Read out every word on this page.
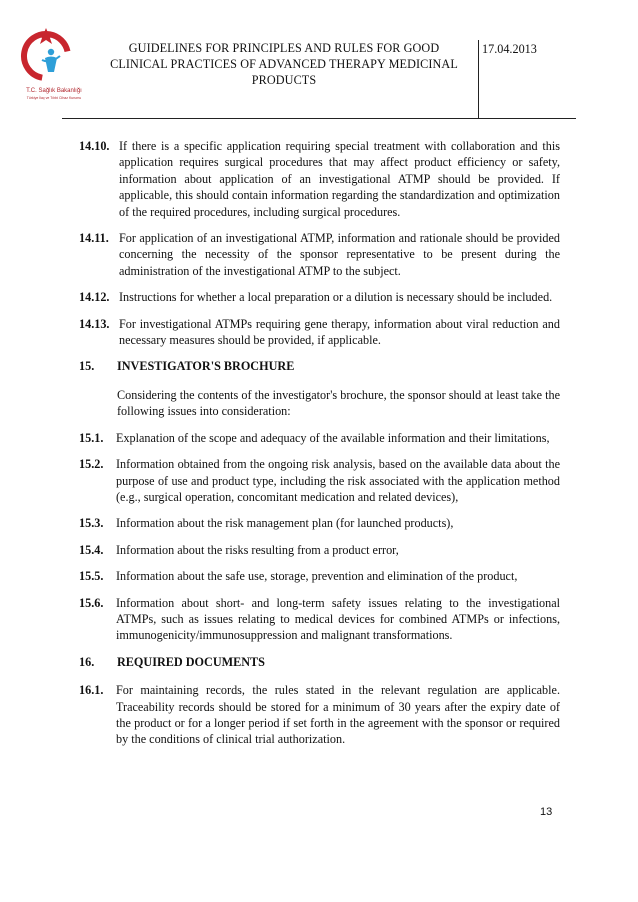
T.C. Sağlık Bakanlığı
Türkiye İlaç ve Tıbbi Cihaz Kurumu
GUIDELINES FOR PRINCIPLES AND RULES FOR GOOD
CLINICAL PRACTICES OF ADVANCED THERAPY MEDICINAL
PRODUCTS
17.04.2013
14.10. If there is a specific application requiring special treatment with collaboration and this application requires surgical procedures that may affect product efficiency or safety, information about application of an investigational ATMP should be provided. If applicable, this should contain information regarding the standardization and optimization of the required procedures, including surgical procedures.
14.11. For application of an investigational ATMP, information and rationale should be provided concerning the necessity of the sponsor representative to be present during the administration of the investigational ATMP to the subject.
14.12. Instructions for whether a local preparation or a dilution is necessary should be included.
14.13. For investigational ATMPs requiring gene therapy, information about viral reduction and necessary measures should be provided, if applicable.
15.	INVESTIGATOR'S BROCHURE
Considering the contents of the investigator's brochure, the sponsor should at least take the following issues into consideration:
15.1.	Explanation of the scope and adequacy of the available information and their limitations,
15.2.	Information obtained from the ongoing risk analysis, based on the available data about the purpose of use and product type, including the risk associated with the application method (e.g., surgical operation, concomitant medication and related devices),
15.3.	Information about the risk management plan (for launched products),
15.4.	Information about the risks resulting from a product error,
15.5.	Information about the safe use, storage, prevention and elimination of the product,
15.6.	Information about short- and long-term safety issues relating to the investigational ATMPs, such as issues relating to medical devices for combined ATMPs or infections, immunogenicity/immunosuppression and malignant transformations.
16.	REQUIRED DOCUMENTS
16.1.	For maintaining records, the rules stated in the relevant regulation are applicable. Traceability records should be stored for a minimum of 30 years after the expiry date of the product or for a longer period if set forth in the agreement with the sponsor or required by the conditions of clinical trial authorization.
13
